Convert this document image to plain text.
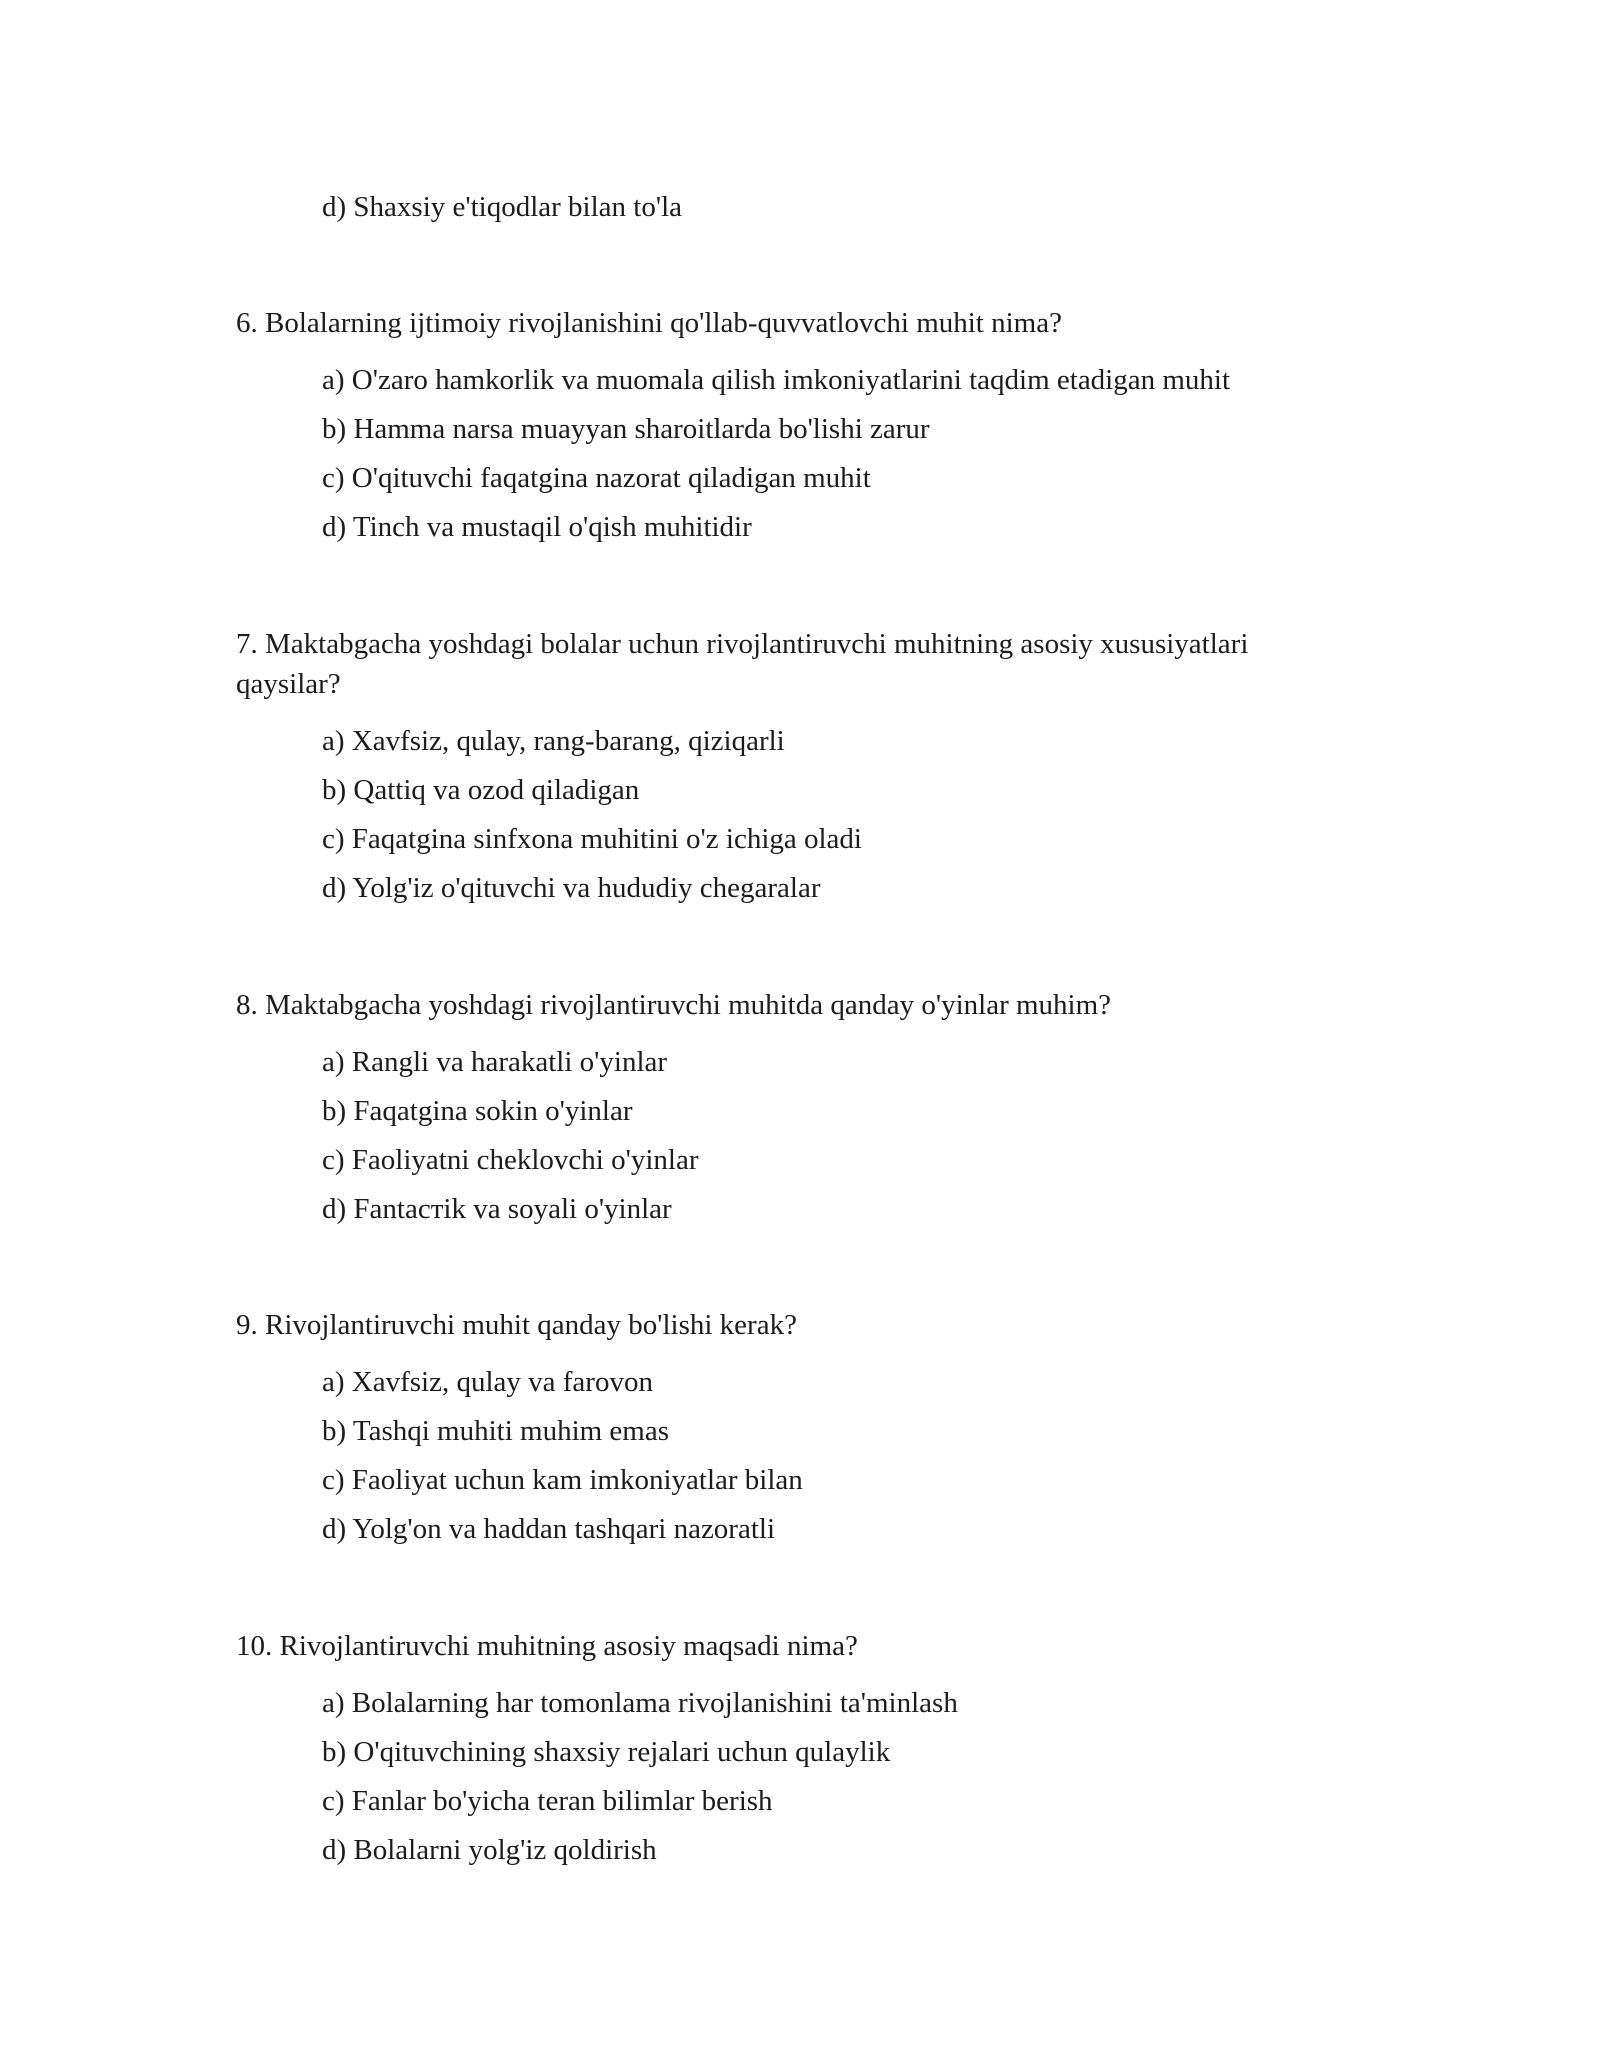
d) Shaxsiy e'tiqodlar bilan to'la
6. Bolalarning ijtimoiy rivojlanishini qo'llab-quvvatlovchi muhit nima?
a) O'zaro hamkorlik va muomala qilish imkoniyatlarini taqdim etadigan muhit
b) Hamma narsa muayyan sharoitlarda bo'lishi zarur
c) O'qituvchi faqatgina nazorat qiladigan muhit
d) Tinch va mustaqil o'qish muhitidir
7. Maktabgacha yoshdagi bolalar uchun rivojlantiruvchi muhitning asosiy xususiyatlari
qaysilar?
a) Xavfsiz, qulay, rang-barang, qiziqarli
b) Qattiq va ozod qiladigan
c) Faqatgina sinfxona muhitini o'z ichiga oladi
d) Yolg'iz o'qituvchi va hududiy chegaralar
8. Maktabgacha yoshdagi rivojlantiruvchi muhitda qanday o'yinlar muhim?
a) Rangli va harakatli o'yinlar
b) Faqatgina sokin o'yinlar
c) Faoliyatni cheklovchi o'yinlar
d) Fantacтik va soyali o'yinlar
9. Rivojlantiruvchi muhit qanday bo'lishi kerak?
a) Xavfsiz, qulay va farovon
b) Tashqi muhiti muhim emas
c) Faoliyat uchun kam imkoniyatlar bilan
d) Yolg'on va haddan tashqari nazoratli
10. Rivojlantiruvchi muhitning asosiy maqsadi nima?
a) Bolalarning har tomonlama rivojlanishini ta'minlash
b) O'qituvchining shaxsiy rejalari uchun qulaylik
c) Fanlar bo'yicha teran bilimlar berish
d) Bolalarni yolg'iz qoldirish
